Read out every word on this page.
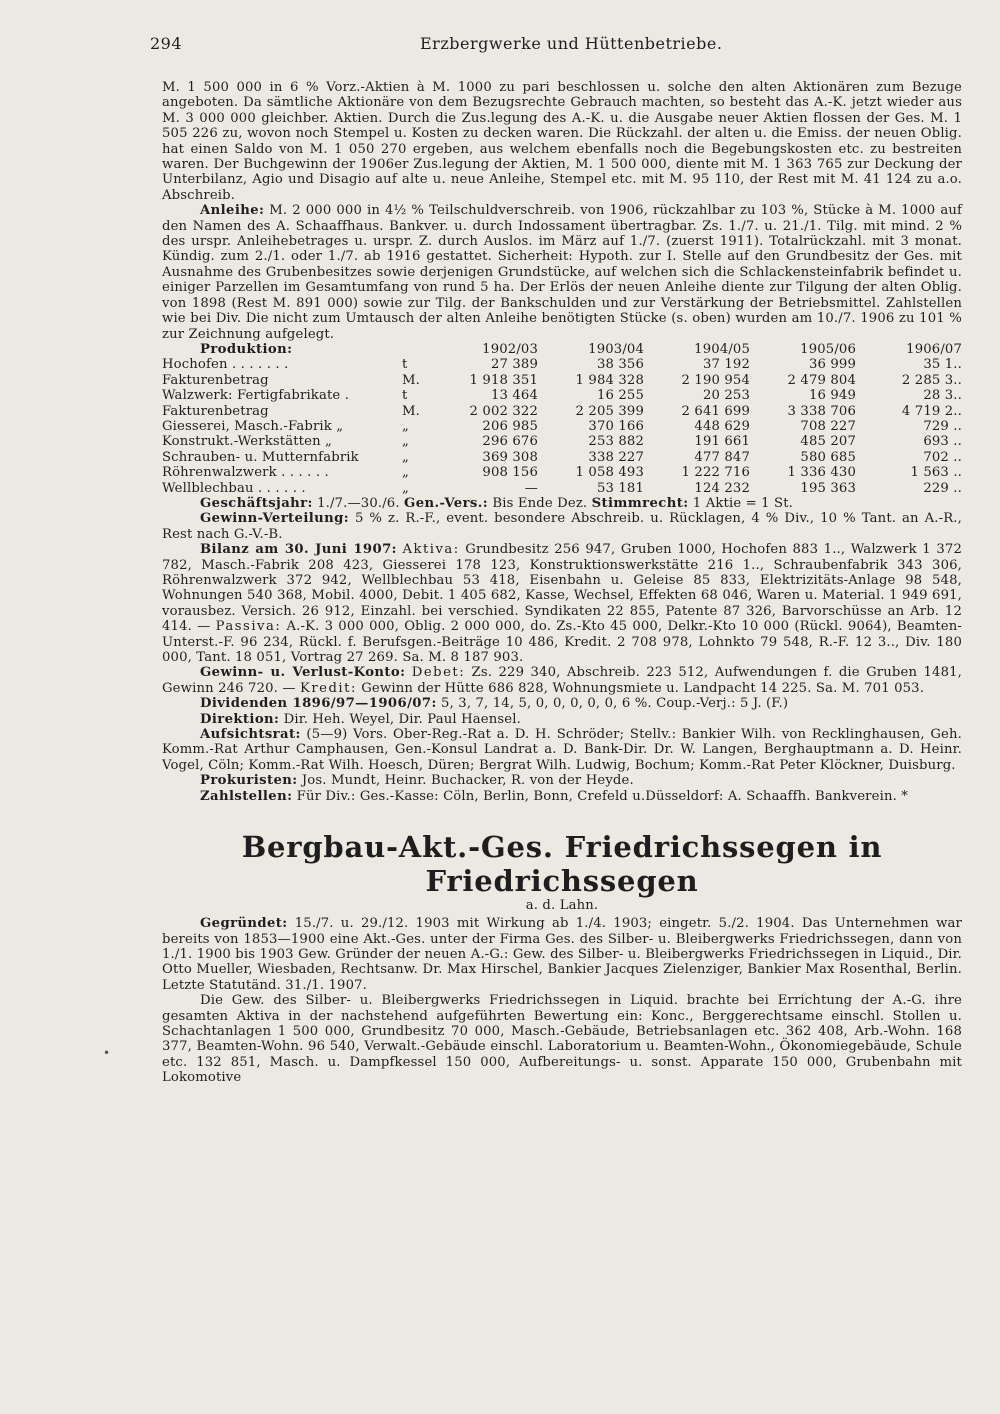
294	Erzbergwerke und Hüttenbetriebe.
•

M. 1 500 000 in 6 % Vorz.-Aktien à M. 1000 zu pari beschlossen u. solche den alten Aktionären zum Bezuge angeboten. Da sämtliche Aktionäre von dem Bezugsrechte Gebrauch machten, so besteht das A.-K. jetzt wieder aus M. 3 000 000 gleichber. Aktien. Durch die Zus.legung des A.-K. u. die Ausgabe neuer Aktien flossen der Ges. M. 1 505 226 zu, wovon noch Stempel u. Kosten zu decken waren. Die Rückzahl. der alten u. die Emiss. der neuen Oblig. hat einen Saldo von M. 1 050 270 ergeben, aus welchem ebenfalls noch die Begebungskosten etc. zu bestreiten waren. Der Buchgewinn der 1906er Zus.legung der Aktien, M. 1 500 000, diente mit M. 1 363 765 zur Deckung der Unterbilanz, Agio und Disagio auf alte u. neue Anleihe, Stempel etc. mit M. 95 110, der Rest mit M. 41 124 zu a.o. Abschreib.

Anleihe: M. 2 000 000 in 4½ % Teilschuldverschreib. von 1906, rückzahlbar zu 103 %, Stücke à M. 1000 auf den Namen des A. Schaaffhaus. Bankver. u. durch Indossament übertragbar. Zs. 1./7. u. 21./1. Tilg. mit mind. 2 % des urspr. Anleihebetrages u. urspr. Z. durch Auslos. im März auf 1./7. (zuerst 1911). Totalrückzahl. mit 3 monat. Kündig. zum 2./1. oder 1./7. ab 1916 gestattet. Sicherheit: Hypoth. zur I. Stelle auf den Grundbesitz der Ges. mit Ausnahme des Grubenbesitzes sowie derjenigen Grundstücke, auf welchen sich die Schlackensteinfabrik befindet u. einiger Parzellen im Gesamtumfang von rund 5 ha. Der Erlös der neuen Anleihe diente zur Tilgung der alten Oblig. von 1898 (Rest M. 891 000) sowie zur Tilg. der Bankschulden und zur Verstärkung der Betriebsmittel. Zahlstellen wie bei Div. Die nicht zum Umtausch der alten Anleihe benötigten Stücke (s. oben) wurden am 10./7. 1906 zu 101 % zur Zeichnung aufgelegt.

Produktion:		1902/03	1903/04	1904/05	1905/06	1906/07
Hochofen . . . . . . .	t	27 389	38 356	37 192	36 999	35 1..
Fakturenbetrag	M.	1 918 351	1 984 328	2 190 954	2 479 804	2 285 3..
Walzwerk: Fertigfabrikate .	t	13 464	16 255	20 253	16 949	28 3..
Fakturenbetrag	M.	2 002 322	2 205 399	2 641 699	3 338 706	4 719 2..
Giesserei, Masch.-Fabrik „	„	206 985	370 166	448 629	708 227	729 ..
Konstrukt.-Werkstätten „	„	296 676	253 882	191 661	485 207	693 ..
Schrauben- u. Mutternfabrik	„	369 308	338 227	477 847	580 685	702 ..
Röhrenwalzwerk . . . . . .	„	908 156	1 058 493	1 222 716	1 336 430	1 563 ..
Wellblechbau . . . . . .	„	—	53 181	124 232	195 363	229 ..

Geschäftsjahr: 1./7.—30./6. Gen.-Vers.: Bis Ende Dez. Stimmrecht: 1 Aktie = 1 St.

Gewinn-Verteilung: 5 % z. R.-F., event. besondere Abschreib. u. Rücklagen, 4 % Div., 10 % Tant. an A.-R., Rest nach G.-V.-B.

Bilanz am 30. Juni 1907: Aktiva: Grundbesitz 256 947, Gruben 1000, Hochofen 883 1.., Walzwerk 1 372 782, Masch.-Fabrik 208 423, Giesserei 178 123, Konstruktionswerkstätte 216 1.., Schraubenfabrik 343 306, Röhrenwalzwerk 372 942, Wellblechbau 53 418, Eisenbahn u. Geleise 85 833, Elektrizitäts-Anlage 98 548, Wohnungen 540 368, Mobil. 4000, Debit. 1 405 682, Kasse, Wechsel, Effekten 68 046, Waren u. Material. 1 949 691, vorausbez. Versich. 26 912, Einzahl. bei verschied. Syndikaten 22 855, Patente 87 326, Barvorschüsse an Arb. 12 414. — Passiva: A.-K. 3 000 000, Oblig. 2 000 000, do. Zs.-Kto 45 000, Delkr.-Kto 10 000 (Rückl. 9064), Beamten-Unterst.-F. 96 234, Rückl. f. Berufsgen.-Beiträge 10 486, Kredit. 2 708 978, Lohnkto 79 548, R.-F. 12 3.., Div. 180 000, Tant. 18 051, Vortrag 27 269. Sa. M. 8 187 903.

Gewinn- u. Verlust-Konto: Debet: Zs. 229 340, Abschreib. 223 512, Aufwendungen f. die Gruben 1481, Gewinn 246 720. — Kredit: Gewinn der Hütte 686 828, Wohnungsmiete u. Landpacht 14 225. Sa. M. 701 053.

Dividenden 1896/97—1906/07: 5, 3, 7, 14, 5, 0, 0, 0, 0, 0, 6 %. Coup.-Verj.: 5 J. (F.)

Direktion: Dir. Heh. Weyel, Dir. Paul Haensel.

Aufsichtsrat: (5—9) Vors. Ober-Reg.-Rat a. D. H. Schröder; Stellv.: Bankier Wilh. von Recklinghausen, Geh. Komm.-Rat Arthur Camphausen, Gen.-Konsul Landrat a. D. Bank-Dir. Dr. W. Langen, Berghauptmann a. D. Heinr. Vogel, Cöln; Komm.-Rat Wilh. Hoesch, Düren; Bergrat Wilh. Ludwig, Bochum; Komm.-Rat Peter Klöckner, Duisburg.

Prokuristen: Jos. Mundt, Heinr. Buchacker, R. von der Heyde.

Zahlstellen: Für Div.: Ges.-Kasse: Cöln, Berlin, Bonn, Crefeld u.Düsseldorf: A. Schaaffh. Bankverein. *

Bergbau-Akt.-Ges. Friedrichssegen in Friedrichssegen
a. d. Lahn.

Gegründet: 15./7. u. 29./12. 1903 mit Wirkung ab 1./4. 1903; eingetr. 5./2. 1904. Das Unternehmen war bereits von 1853—1900 eine Akt.-Ges. unter der Firma Ges. des Silber- u. Bleibergwerks Friedrichssegen, dann von 1./1. 1900 bis 1903 Gew. Gründer der neuen A.-G.: Gew. des Silber- u. Bleibergwerks Friedrichssegen in Liquid., Dir. Otto Mueller, Wiesbaden, Rechtsanw. Dr. Max Hirschel, Bankier Jacques Zielenziger, Bankier Max Rosenthal, Berlin. Letzte Statutänd. 31./1. 1907.

Die Gew. des Silber- u. Bleibergwerks Friedrichssegen in Liquid. brachte bei Errichtung der A.-G. ihre gesamten Aktiva in der nachstehend aufgeführten Bewertung ein: Konc., Berggerechtsame einschl. Stollen u. Schachtanlagen 1 500 000, Grundbesitz 70 000, Masch.-Gebäude, Betriebsanlagen etc. 362 408, Arb.-Wohn. 168 377, Beamten-Wohn. 96 540, Verwalt.-Gebäude einschl. Laboratorium u. Beamten-Wohn., Ökonomiegebäude, Schule etc. 132 851, Masch. u. Dampfkessel 150 000, Aufbereitungs- u. sonst. Apparate 150 000, Grubenbahn mit Lokomotive
